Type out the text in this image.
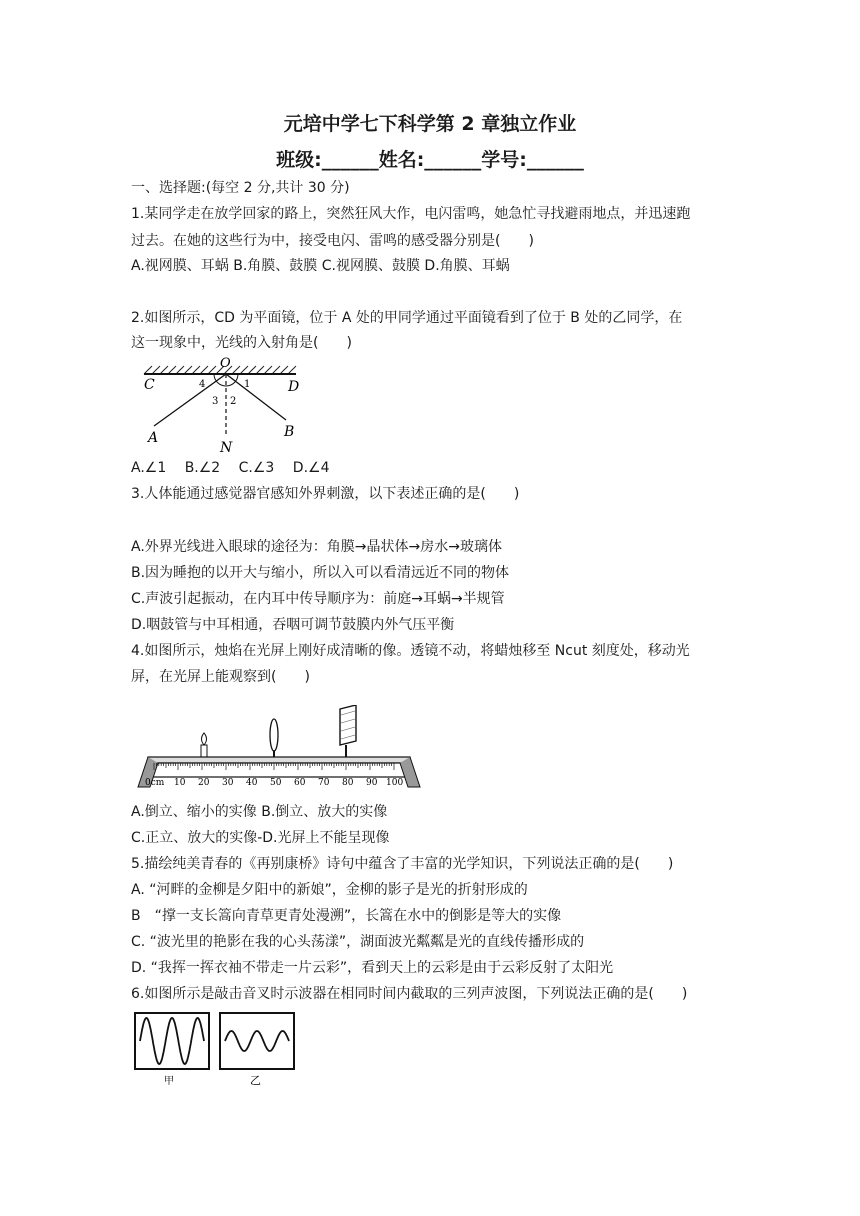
元培中学七下科学第 2 章独立作业
班级:______姓名:______学号:______
一、选择题:(每空 2 分,共计 30 分)
1.某同学走在放学回家的路上，突然狂风大作，电闪雷鸣，她急忙寻找避雨地点，并迅速跑
过去。在她的这些行为中，接受电闪、雷鸣的感受器分别是(　　)
A.视网膜、耳蜗 B.角膜、鼓膜 C.视网膜、鼓膜 D.角膜、耳蜗
2.如图所示，CD 为平面镜，位于 A 处的甲同学通过平面镜看到了位于 B 处的乙同学，在
这一现象中，光线的入射角是(　　)
O
C	D
A	B
N
4	1
3 2
A.∠1　 B.∠2　 C.∠3　 D.∠4
3.人体能通过感觉器官感知外界刺激，以下表述正确的是(　　)
A.外界光线进入眼球的途径为：角膜→晶状体→房水→玻璃体
B.因为睡抱的以开大与缩小，所以入可以看清远近不同的物体
C.声波引起振动，在内耳中传导顺序为：前庭→耳蜗→半规管
D.咽鼓管与中耳相通，吞咽可调节鼓膜内外气压平衡
4.如图所示，烛焰在光屏上刚好成清晰的像。透镜不动，将蜡烛移至 Ncut 刻度处，移动光
屏，在光屏上能观察到(　　)
0cm 10 20 30 40 50 60 70 80 90 100
A.倒立、缩小的实像 B.倒立、放大的实像
C.正立、放大的实像-D.光屏上不能呈现像
5.描绘纯美青春的《再别康桥》诗句中蕴含了丰富的光学知识，下列说法正确的是(　　)
A. “河畔的金柳是夕阳中的新娘”，金柳的影子是光的折射形成的
B　“撑一支长篙向青草更青处漫溯”，长篙在水中的倒影是等大的实像
C. “波光里的艳影在我的心头荡漾”，湖面波光粼粼是光的直线传播形成的
D. “我挥一挥衣袖不带走一片云彩”，看到天上的云彩是由于云彩反射了太阳光
6.如图所示是敲击音叉时示波器在相同时间内截取的三列声波图，下列说法正确的是(　　)
甲	乙
